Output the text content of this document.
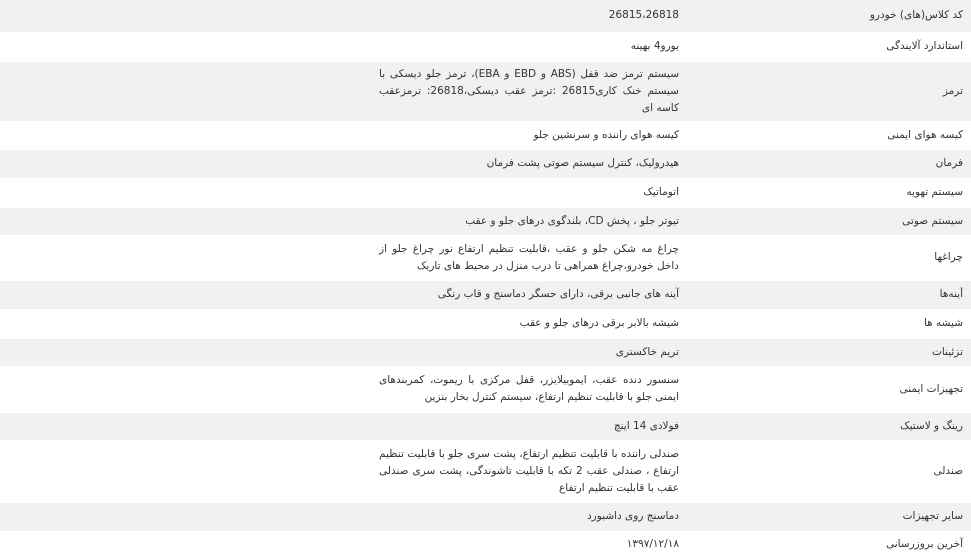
کد کلاس(های) خودرو	26815،26818

استاندارد آلایندگی	یورو4 بهینه

ترمز	سیستم ترمز ضد قفل (ABS و EBD و EBA)، ترمز جلو دیسکی با سیستم خنک کاری26815 :ترمز عقب دیسکی،26818: ترمزعقب کاسه ای

کیسه هوای ایمنی	کیسه هوای راننده و سرنشین جلو

فرمان	هیدرولیک، کنترل سیستم صوتی پشت فرمان

سیستم تهویه	اتوماتیک

سیستم صوتی	تیوتر جلو ، پخش CD، بلندگوی درهای جلو و عقب

چراغها	چراغ مه شکن جلو و عقب ،قابلیت تنظیم ارتفاع نور چراغ جلو از داخل خودرو،چراغ همراهی تا درب منزل در محیط های تاریک

آینه‌ها	آینه های جانبی برقی، دارای حسگر دماسنج و قاب رنگی

شیشه ها	شیشه بالابر برقی درهای جلو و عقب

تزئینات	تریم خاکستری

تجهیزات ایمنی	سنسور دنده عقب، ایموبیلایزر، قفل مرکزی با ریموت، کمربندهای ایمنی جلو با قابلیت تنظیم ارتفاع، سیستم کنترل بخار بنزین

رینگ و لاستیک	فولادی 14 اینچ

صندلی	صندلی راننده با قابلیت تنظیم ارتفاع، پشت سری جلو با قابلیت تنظیم ارتفاع ، صندلی عقب 2 تکه با قابلیت تاشوندگی، پشت سری صندلی عقب با قابلیت تنظیم ارتفاع

سایر تجهیزات	دماسنج روی داشبورد

آخرین بروزرسانی	۱۳۹۷/۱۲/۱۸
